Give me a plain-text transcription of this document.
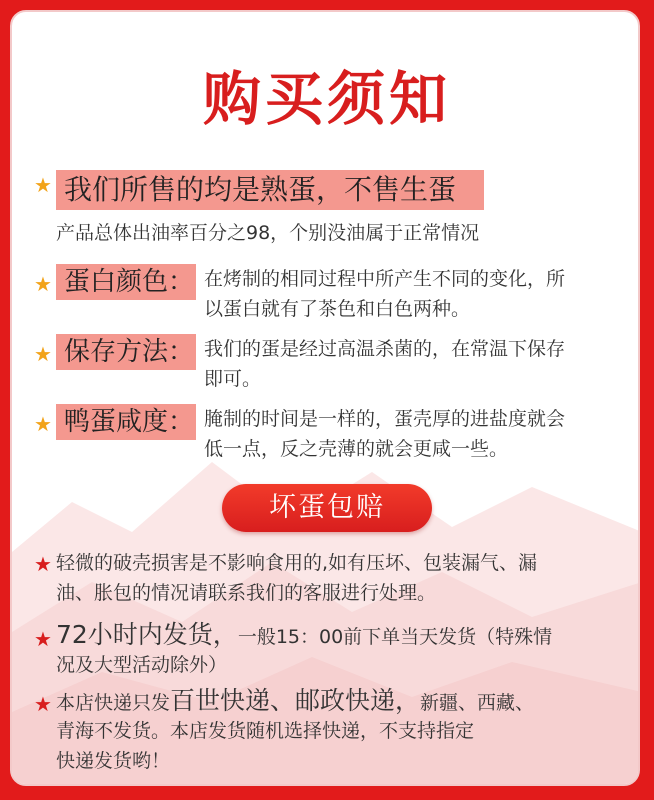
购买须知
★ 我们所售的均是熟蛋，不售生蛋
产品总体出油率百分之98，个别没油属于正常情况
★ 蛋白颜色： 在烤制的相同过程中所产生不同的变化，所
以蛋白就有了茶色和白色两种。
★ 保存方法： 我们的蛋是经过高温杀菌的，在常温下保存
即可。
★ 鸭蛋咸度： 腌制的时间是一样的，蛋壳厚的进盐度就会
低一点，反之壳薄的就会更咸一些。
坏蛋包赔
★ 轻微的破壳损害是不影响食用的,如有压坏、包装漏气、漏
油、胀包的情况请联系我们的客服进行处理。
★ 72小时内发货，一般15：00前下单当天发货（特殊情
况及大型活动除外）
★ 本店快递只发百世快递、邮政快递，新疆、西藏、
青海不发货。本店发货随机选择快递，不支持指定
快递发货哟！
